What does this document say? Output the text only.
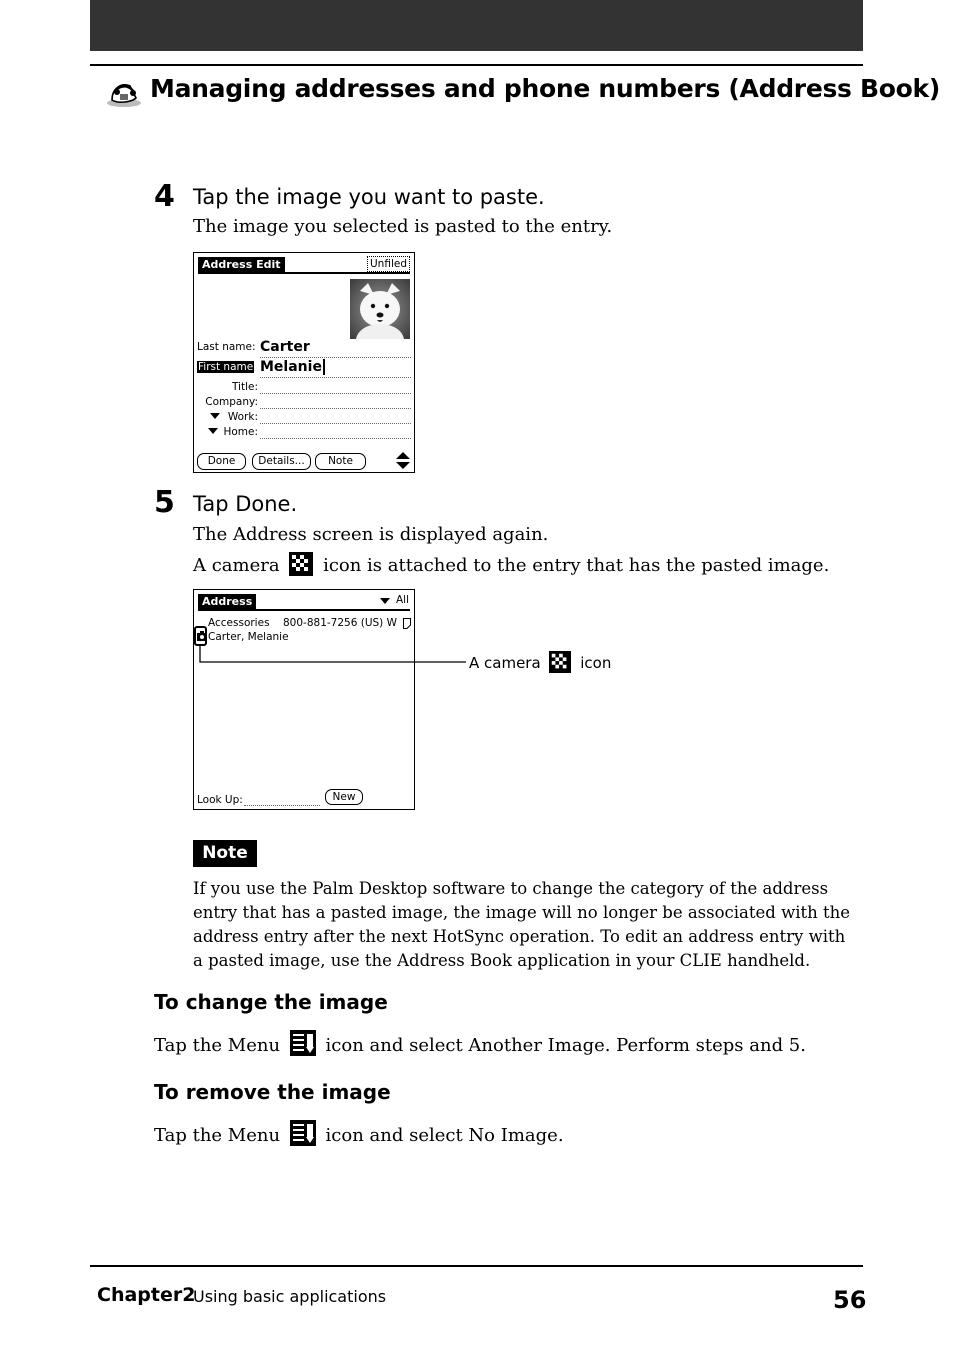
Managing addresses and phone numbers (Address Book)
4 Tap the image you want to paste.
The image you selected is pasted to the entry.
Address Edit	Unfiled
Last name: Carter
First name Melanie
Title:
Company:
Work:
Home:
Done	Details...	Note
5 Tap Done.
The Address screen is displayed again.
A camera icon is attached to the entry that has the pasted image.
Address	All
Accessories 800-881-7256 (US) W
Carter, Melanie
Look Up:	New
A camera	icon
Note
If you use the Palm Desktop software to change the category of the address entry that has a pasted image, the image will no longer be associated with the address entry after the next HotSync operation. To edit an address entry with a pasted image, use the Address Book application in your CLIE handheld.
To change the image
Tap the Menu	icon and select Another Image. Perform steps and 5.
To remove the image
Tap the Menu	icon and select No Image.
Chapter2
Using basic applications	56
